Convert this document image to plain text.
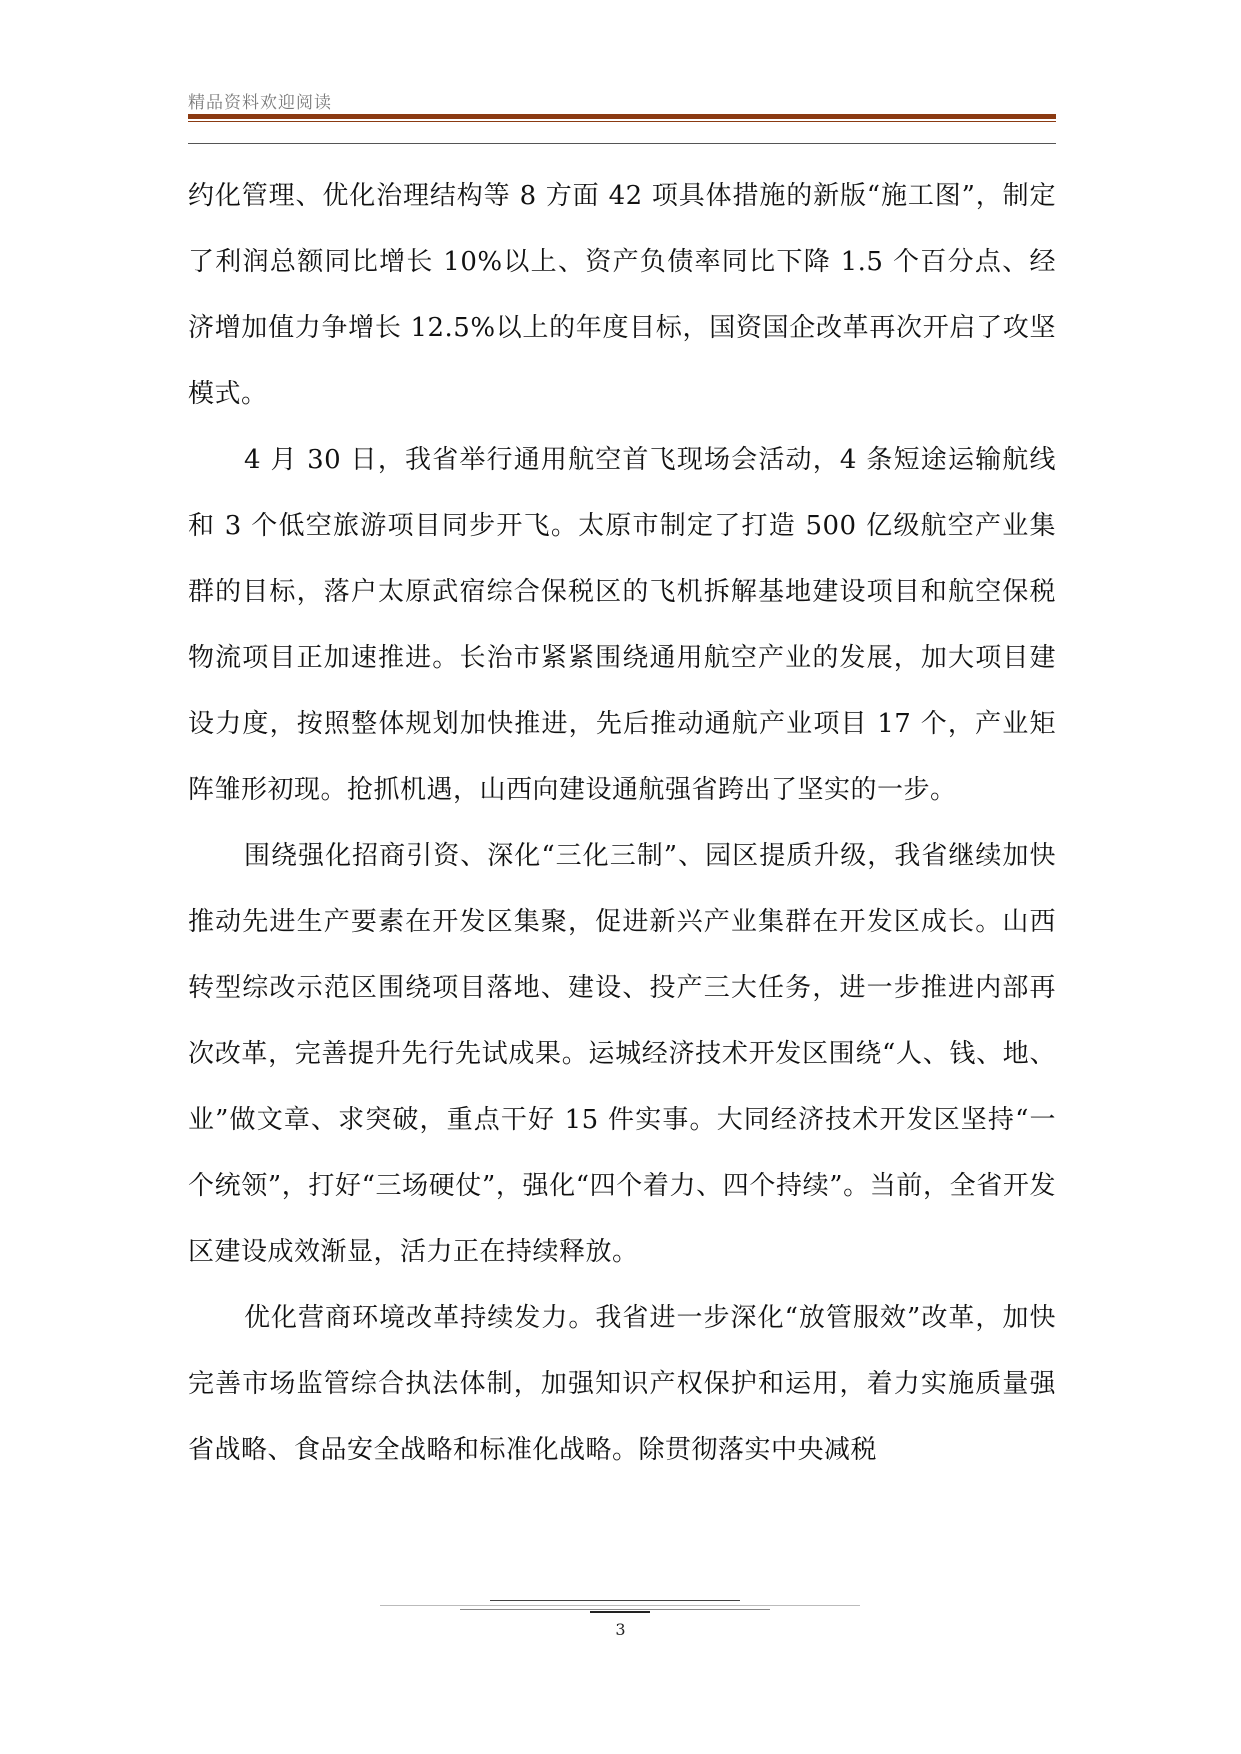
精品资料欢迎阅读

约化管理、优化治理结构等 8 方面 42 项具体措施的新版“施工图”，制定了利润总额同比增长 10%以上、资产负债率同比下降 1.5 个百分点、经济增加值力争增长 12.5%以上的年度目标，国资国企改革再次开启了攻坚模式。

4 月 30 日，我省举行通用航空首飞现场会活动，4 条短途运输航线和 3 个低空旅游项目同步开飞。太原市制定了打造 500 亿级航空产业集群的目标，落户太原武宿综合保税区的飞机拆解基地建设项目和航空保税物流项目正加速推进。长治市紧紧围绕通用航空产业的发展，加大项目建设力度，按照整体规划加快推进，先后推动通航产业项目 17 个，产业矩阵雏形初现。抢抓机遇，山西向建设通航强省跨出了坚实的一步。

围绕强化招商引资、深化“三化三制”、园区提质升级，我省继续加快推动先进生产要素在开发区集聚，促进新兴产业集群在开发区成长。山西转型综改示范区围绕项目落地、建设、投产三大任务，进一步推进内部再次改革，完善提升先行先试成果。运城经济技术开发区围绕“人、钱、地、业”做文章、求突破，重点干好 15 件实事。大同经济技术开发区坚持“一个统领”，打好“三场硬仗”，强化“四个着力、四个持续”。当前，全省开发区建设成效渐显，活力正在持续释放。

优化营商环境改革持续发力。我省进一步深化“放管服效”改革，加快完善市场监管综合执法体制，加强知识产权保护和运用，着力实施质量强省战略、食品安全战略和标准化战略。除贯彻落实中央减税

3
